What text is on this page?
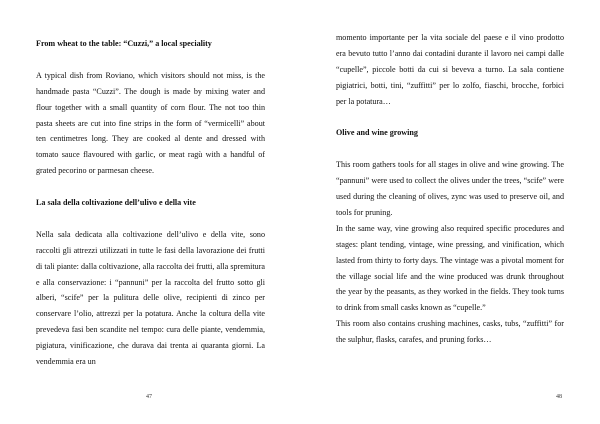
From wheat to the table: “Cuzzi,” a local speciality

A typical dish from Roviano, which visitors should not miss, is the handmade pasta “Cuzzi”. The dough is made by mixing water and flour together with a small quantity of corn flour. The not too thin pasta sheets are cut into fine strips in the form of “vermicelli” about ten centimetres long. They are cooked al dente and dressed with tomato sauce flavoured with garlic, or meat ragù with a handful of grated pecorino or parmesan cheese.

La sala della coltivazione dell’ulivo e della vite

Nella sala dedicata alla coltivazione dell’ulivo e della vite, sono raccolti gli attrezzi utilizzati in tutte le fasi della lavorazione dei frutti di tali piante: dalla coltivazione, alla raccolta dei frutti, alla spremitura e alla conservazione: i “pannuni” per la raccolta del frutto sotto gli alberi, “scife” per la pulitura delle olive, recipienti di zinco per conservare l’olio, attrezzi per la potatura. Anche la coltura della vite prevedeva fasi ben scandite nel tempo: cura delle piante, vendemmia, pigiatura, vinificazione, che durava dai trenta ai quaranta giorni. La vendemmia era un

47

momento importante per la vita sociale del paese e il vino prodotto era bevuto tutto l’anno dai contadini durante il lavoro nei campi dalle “cupelle”, piccole botti da cui si beveva a turno. La sala contiene pigiatrici, botti, tini, “zuffitti” per lo zolfo, fiaschi, brocche, forbici per la potatura…

Olive and wine growing

This room gathers tools for all stages in olive and wine growing. The “pannuni” were used to collect the olives under the trees, “scife” were used during the cleaning of olives, zync was used to preserve oil, and tools for pruning.

In the same way, vine growing also required specific procedures and stages: plant tending, vintage, wine pressing, and vinification, which lasted from thirty to forty days. The vintage was a pivotal moment for the village social life and the wine produced was drunk throughout the year by the peasants, as they worked in the fields. They took turns to drink from small casks known as “cupelle.”

This room also contains crushing machines, casks, tubs, “zuffitti” for the sulphur, flasks, carafes, and pruning forks…

48
